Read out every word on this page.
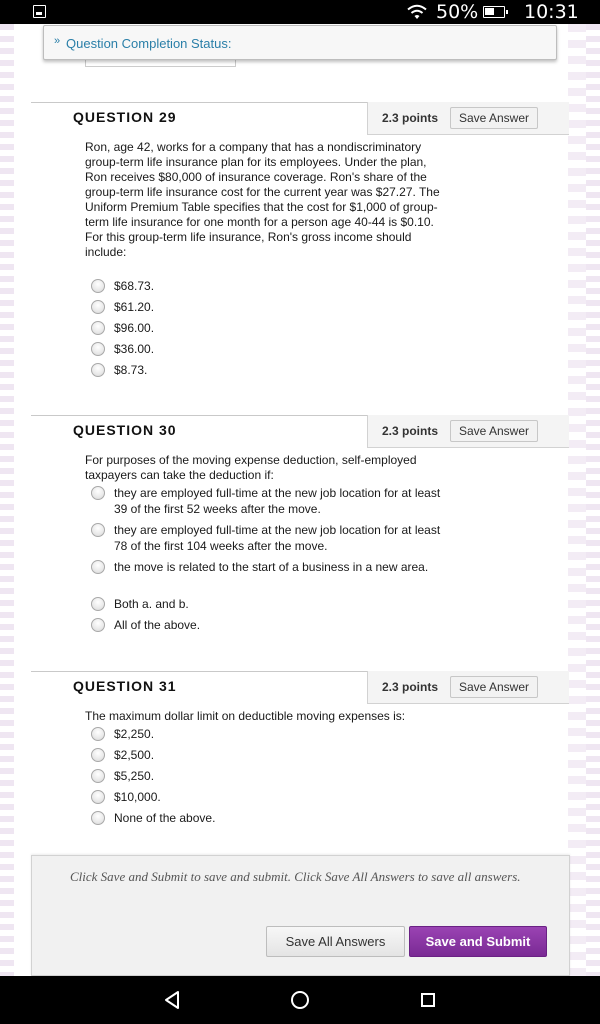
50% 10:31
» Question Completion Status:
QUESTION 29	2.3 points	Save Answer
Ron, age 42, works for a company that has a nondiscriminatory group-term life insurance plan for its employees. Under the plan, Ron receives $80,000 of insurance coverage. Ron's share of the group-term life insurance cost for the current year was $27.27. The Uniform Premium Table specifies that the cost for $1,000 of group-term life insurance for one month for a person age 40-44 is $0.10. For this group-term life insurance, Ron's gross income should include:
$68.73.
$61.20.
$96.00.
$36.00.
$8.73.
QUESTION 30	2.3 points	Save Answer
For purposes of the moving expense deduction, self-employed taxpayers can take the deduction if:
they are employed full-time at the new job location for at least 39 of the first 52 weeks after the move.
they are employed full-time at the new job location for at least 78 of the first 104 weeks after the move.
the move is related to the start of a business in a new area.
Both a. and b.
All of the above.
QUESTION 31	2.3 points	Save Answer
The maximum dollar limit on deductible moving expenses is:
$2,250.
$2,500.
$5,250.
$10,000.
None of the above.
Click Save and Submit to save and submit. Click Save All Answers to save all answers.
Save All Answers	Save and Submit
